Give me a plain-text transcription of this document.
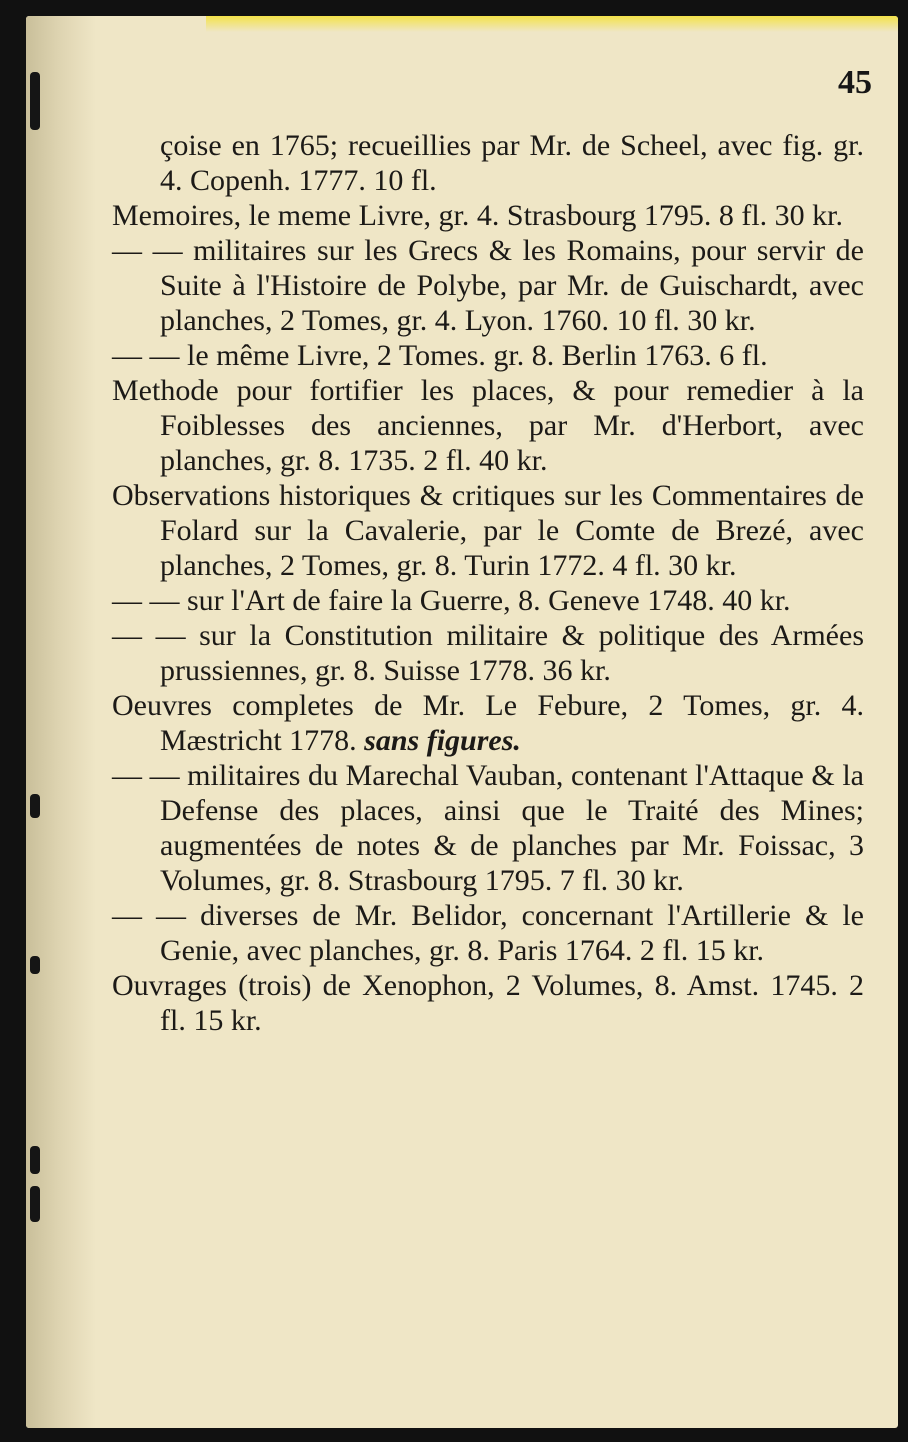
45
çoise en 1765; recueillies par Mr. de Scheel, avec fig. gr. 4. Copenh. 1777. 10 fl.
Memoires, le meme Livre, gr. 4. Strasbourg 1795. 8 fl. 30 kr.
— — militaires sur les Grecs & les Romains, pour servir de Suite à l'Histoire de Polybe, par Mr. de Guischardt, avec planches, 2 Tomes, gr. 4. Lyon. 1760. 10 fl. 30 kr.
— — le même Livre, 2 Tomes. gr. 8. Berlin 1763. 6 fl.
Methode pour fortifier les places, & pour remedier à la Foiblesses des anciennes, par Mr. d'Herbort, avec planches, gr. 8. 1735. 2 fl. 40 kr.
Observations historiques & critiques sur les Commentaires de Folard sur la Cavalerie, par le Comte de Brezé, avec planches, 2 Tomes, gr. 8. Turin 1772. 4 fl. 30 kr.
— — sur l'Art de faire la Guerre, 8. Geneve 1748. 40 kr.
— — sur la Constitution militaire & politique des Armées prussiennes, gr. 8. Suisse 1778. 36 kr.
Oeuvres completes de Mr. Le Febure, 2 Tomes, gr. 4. Mæstricht 1778. sans figures.
— — militaires du Marechal Vauban, contenant l'Attaque & la Defense des places, ainsi que le Traité des Mines; augmentées de notes & de planches par Mr. Foissac, 3 Volumes, gr. 8. Strasbourg 1795. 7 fl. 30 kr.
— — diverses de Mr. Belidor, concernant l'Artillerie & le Genie, avec planches, gr. 8. Paris 1764. 2 fl. 15 kr.
Ouvrages (trois) de Xenophon, 2 Volumes, 8. Amst. 1745. 2 fl. 15 kr.
